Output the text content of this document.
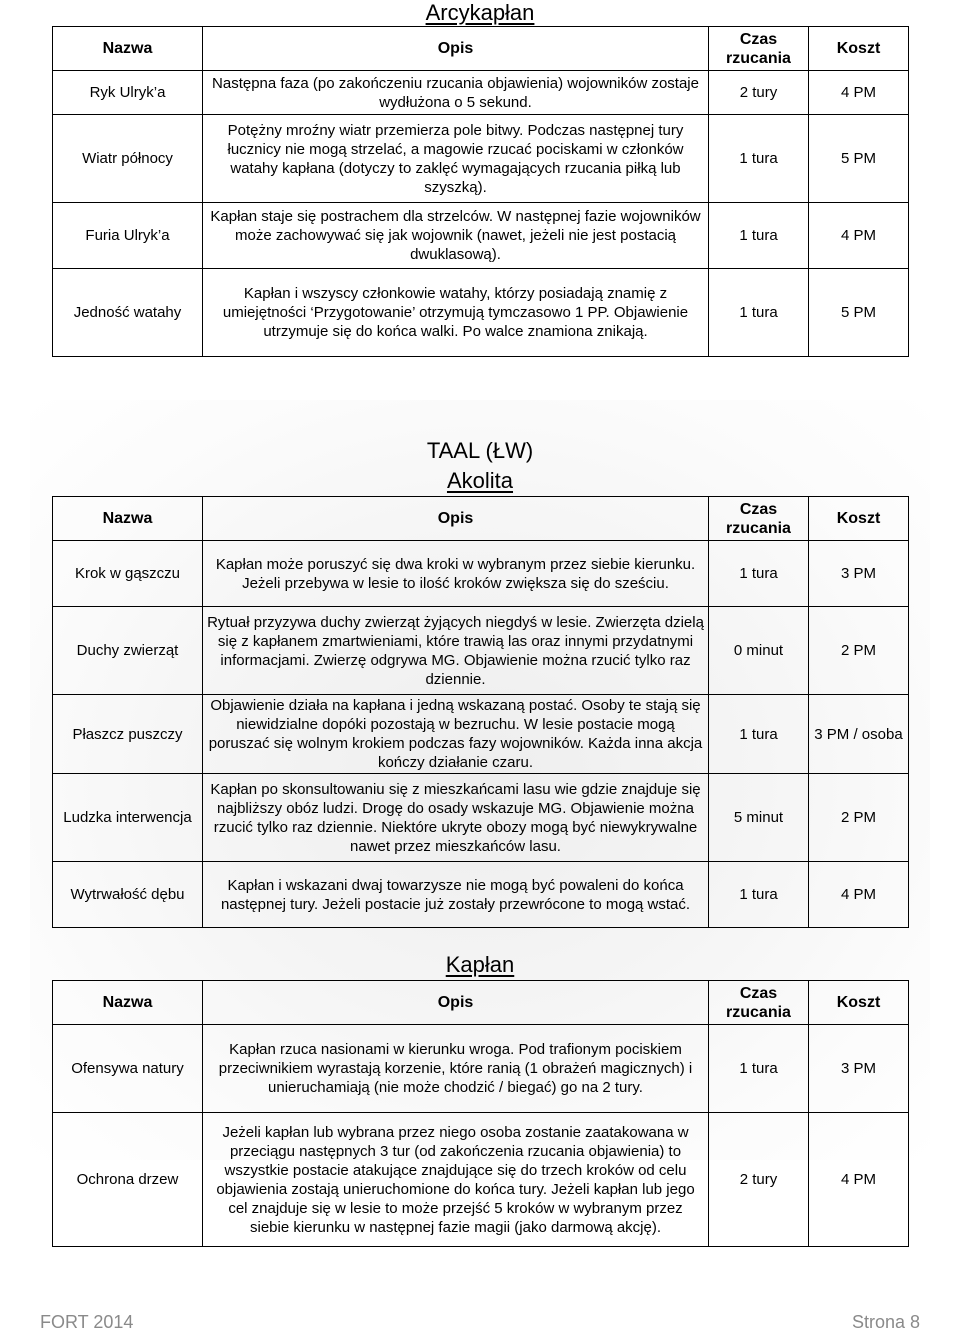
Arcykapłan
Nazwa	Opis	Czas rzucania	Koszt
Ryk Ulryk’a	Następna faza (po zakończeniu rzucania objawienia) wojowników zostaje wydłużona o 5 sekund.	2 tury	4 PM
Wiatr północy	Potężny mroźny wiatr przemierza pole bitwy. Podczas następnej tury łucznicy nie mogą strzelać, a magowie rzucać pociskami w członków watahy kapłana (dotyczy to zaklęć wymagających rzucania piłką lub szyszką).	1 tura	5 PM
Furia Ulryk’a	Kapłan staje się postrachem dla strzelców. W następnej fazie wojowników może zachowywać się jak wojownik (nawet, jeżeli nie jest postacią dwuklasową).	1 tura	4 PM
Jedność watahy	Kapłan i wszyscy członkowie watahy, którzy posiadają znamię z umiejętności ‘Przygotowanie’ otrzymują tymczasowo 1 PP. Objawienie utrzymuje się do końca walki. Po walce znamiona znikają.	1 tura	5 PM
TAAL (ŁW)
Akolita
Nazwa	Opis	Czas rzucania	Koszt
Krok w gąszczu	Kapłan może poruszyć się dwa kroki w wybranym przez siebie kierunku. Jeżeli przebywa w lesie to ilość kroków zwiększa się do sześciu.	1 tura	3 PM
Duchy zwierząt	Rytuał przyzywa duchy zwierząt żyjących niegdyś w lesie. Zwierzęta dzielą się z kapłanem zmartwieniami, które trawią las oraz innymi przydatnymi informacjami. Zwierzę odgrywa MG. Objawienie można rzucić tylko raz dziennie.	0 minut	2 PM
Płaszcz puszczy	Objawienie działa na kapłana i jedną wskazaną postać. Osoby te stają się niewidzialne dopóki pozostają w bezruchu. W lesie postacie mogą poruszać się wolnym krokiem podczas fazy wojowników. Każda inna akcja kończy działanie czaru.	1 tura	3 PM / osoba
Ludzka interwencja	Kapłan po skonsultowaniu się z mieszkańcami lasu wie gdzie znajduje się najbliższy obóz ludzi. Drogę do osady wskazuje MG. Objawienie można rzucić tylko raz dziennie. Niektóre ukryte obozy mogą być niewykrywalne nawet przez mieszkańców lasu.	5 minut	2 PM
Wytrwałość dębu	Kapłan i wskazani dwaj towarzysze nie mogą być powaleni do końca następnej tury. Jeżeli postacie już zostały przewrócone to mogą wstać.	1 tura	4 PM
Kapłan
Nazwa	Opis	Czas rzucania	Koszt
Ofensywa natury	Kapłan rzuca nasionami w kierunku wroga. Pod trafionym pociskiem przeciwnikiem wyrastają korzenie, które ranią (1 obrażeń magicznych) i unieruchamiają (nie może chodzić / biegać) go na 2 tury.	1 tura	3 PM
Ochrona drzew	Jeżeli kapłan lub wybrana przez niego osoba zostanie zaatakowana w przeciągu następnych 3 tur (od zakończenia rzucania objawienia) to wszystkie postacie atakujące znajdujące się do trzech kroków od celu objawienia zostają unieruchomione do końca tury. Jeżeli kapłan lub jego cel znajduje się w lesie to może przejść 5 kroków w wybranym przez siebie kierunku w następnej fazie magii (jako darmową akcję).	2 tury	4 PM
FORT 2014	Strona 8
